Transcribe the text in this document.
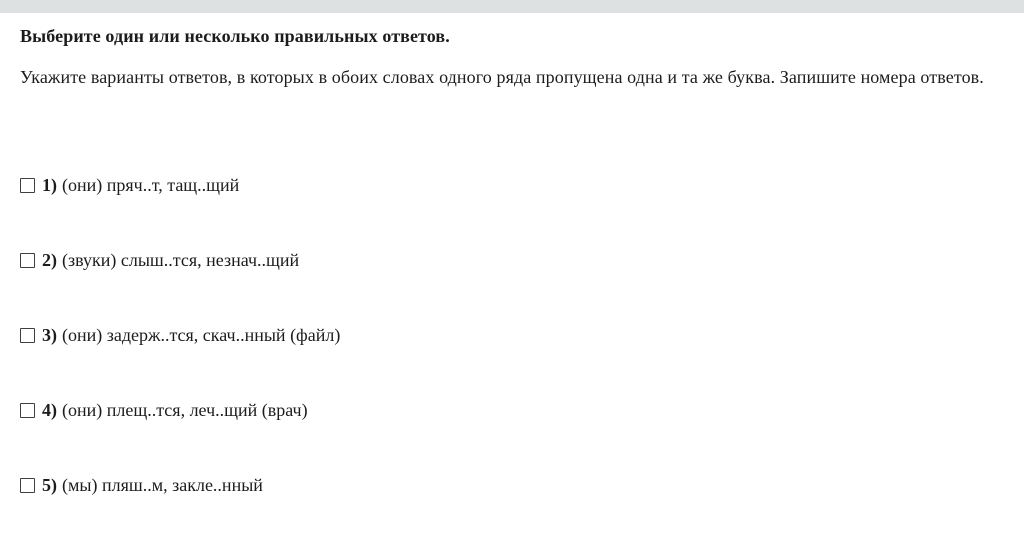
Выберите один или несколько правильных ответов.
Укажите варианты ответов, в которых в обоих словах одного ряда пропущена одна и та же буква. Запишите номера ответов.
1) (они) пряч..т, тащ..щий
2) (звуки) слыш..тся, незнач..щий
3) (они) задерж..тся, скач..нный (файл)
4) (они) плещ..тся, леч..щий (врач)
5) (мы) пляш..м, закле..нный
